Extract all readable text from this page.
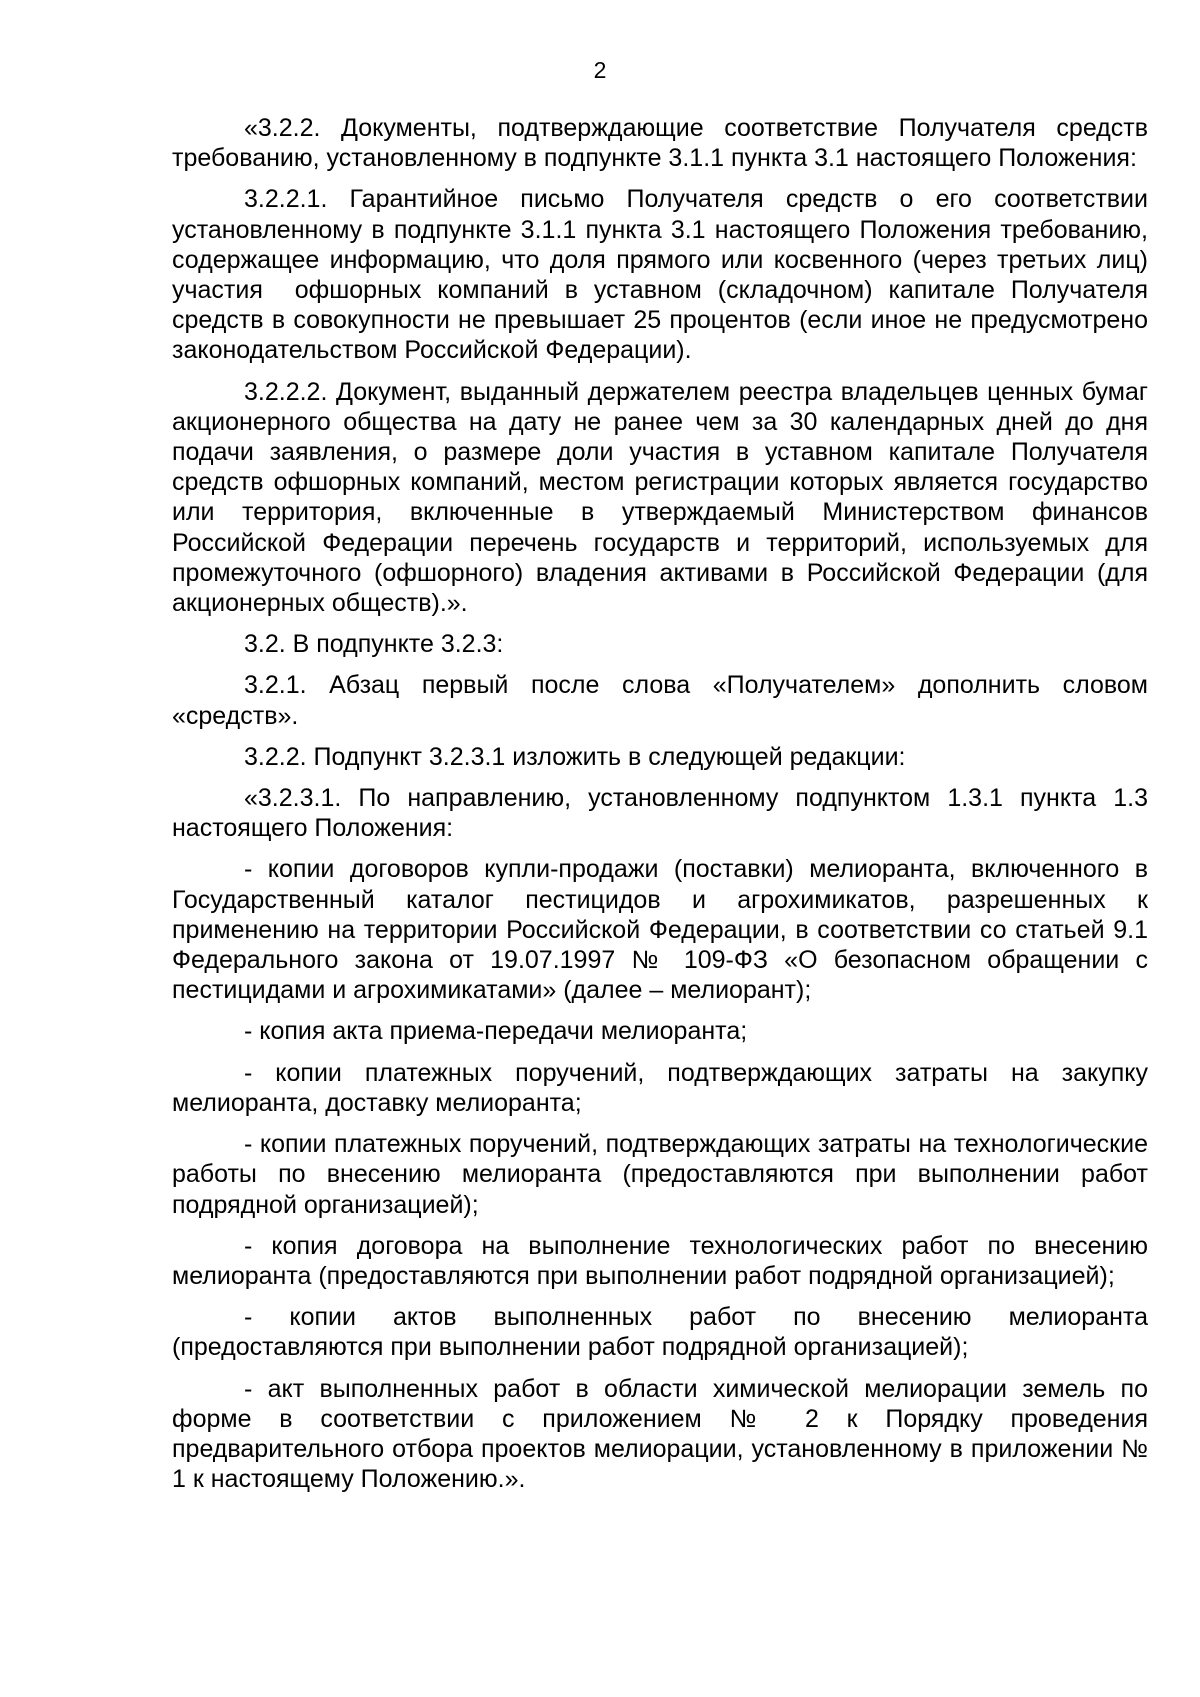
2

«3.2.2. Документы, подтверждающие соответствие Получателя средств требованию, установленному в подпункте 3.1.1 пункта 3.1 настоящего Положения:

3.2.2.1. Гарантийное письмо Получателя средств о его соответствии установленному в подпункте 3.1.1 пункта 3.1 настоящего Положения требованию, содержащее информацию, что доля прямого или косвенного (через третьих лиц) участия  офшорных компаний в уставном (складочном) капитале Получателя средств в совокупности не превышает 25 процентов (если иное не предусмотрено законодательством Российской Федерации).

3.2.2.2. Документ, выданный держателем реестра владельцев ценных бумаг акционерного общества на дату не ранее чем за 30 календарных дней до дня подачи заявления, о размере доли участия в уставном капитале Получателя средств офшорных компаний, местом регистрации которых является государство или территория, включенные в утверждаемый Министерством финансов Российской Федерации перечень государств и территорий, используемых для промежуточного (офшорного) владения активами в Российской Федерации (для акционерных обществ).».

3.2. В подпункте 3.2.3:

3.2.1. Абзац первый после слова «Получателем» дополнить словом «средств».

3.2.2. Подпункт 3.2.3.1 изложить в следующей редакции:

«3.2.3.1. По направлению, установленному подпунктом 1.3.1 пункта 1.3 настоящего Положения:

- копии договоров купли-продажи (поставки) мелиоранта, включенного в Государственный каталог пестицидов и агрохимикатов, разрешенных к применению на территории Российской Федерации, в соответствии со статьей 9.1 Федерального закона от 19.07.1997 № 109-ФЗ «О безопасном обращении с пестицидами и агрохимикатами» (далее – мелиорант);

- копия акта приема-передачи мелиоранта;

- копии платежных поручений, подтверждающих затраты на закупку мелиоранта, доставку мелиоранта;

- копии платежных поручений, подтверждающих затраты на технологические работы по внесению мелиоранта (предоставляются при выполнении работ подрядной организацией);

- копия договора на выполнение технологических работ по внесению мелиоранта (предоставляются при выполнении работ подрядной организацией);

- копии актов выполненных работ по внесению мелиоранта (предоставляются при выполнении работ подрядной организацией);

- акт выполненных работ в области химической мелиорации земель по форме в соответствии с приложением № 2 к Порядку проведения предварительного отбора проектов мелиорации, установленному в приложении № 1 к настоящему Положению.».
